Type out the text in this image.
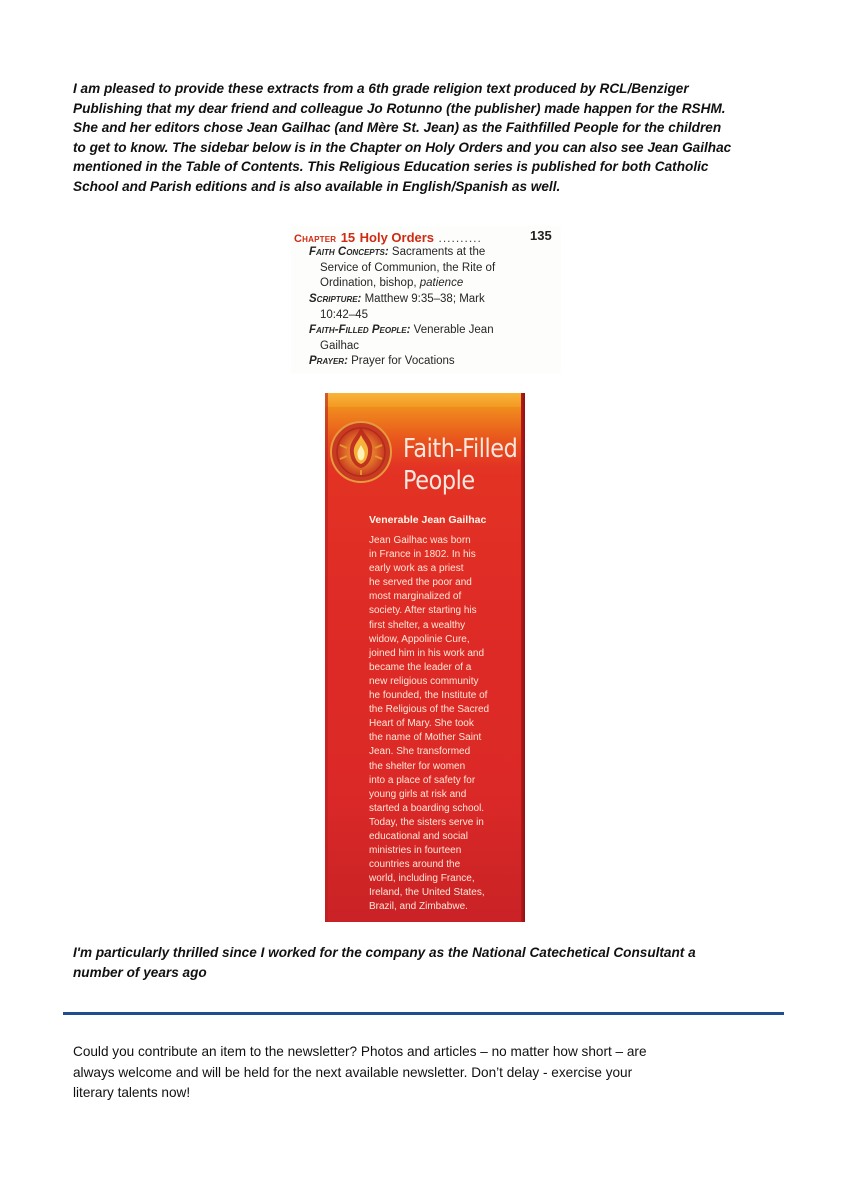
I am pleased to provide these extracts from a 6th grade religion text produced by RCL/Benziger
Publishing that my dear friend and colleague Jo Rotunno (the publisher) made happen for the RSHM.
She and her editors chose Jean Gailhac (and Mère St. Jean) as the Faithfilled People for the children
to get to know. The sidebar below is in the Chapter on Holy Orders and you can also see Jean Gailhac
mentioned in the Table of Contents. This Religious Education series is published for both Catholic
School and Parish editions and is also available in English/Spanish as well.
Chapter 15 Holy Orders ..........	135
Faith Concepts: Sacraments at the
Service of Communion, the Rite of
Ordination, bishop, patience
Scripture: Matthew 9:35–38; Mark
10:42–45
Faith-Filled People: Venerable Jean
Gailhac
Prayer: Prayer for Vocations
Faith-Filled
People
Venerable Jean Gailhac
Jean Gailhac was born
in France in 1802. In his
early work as a priest
he served the poor and
most marginalized of
society. After starting his
first shelter, a wealthy
widow, Appolinie Cure,
joined him in his work and
became the leader of a
new religious community
he founded, the Institute of
the Religious of the Sacred
Heart of Mary. She took
the name of Mother Saint
Jean. She transformed
the shelter for women
into a place of safety for
young girls at risk and
started a boarding school.
Today, the sisters serve in
educational and social
ministries in fourteen
countries around the
world, including France,
Ireland, the United States,
Brazil, and Zimbabwe.
I'm particularly thrilled since I worked for the company as the National Catechetical Consultant a
number of years ago
Could you contribute an item to the newsletter? Photos and articles – no matter how short – are
always welcome and will be held for the next available newsletter. Don’t delay - exercise your
literary talents now!
